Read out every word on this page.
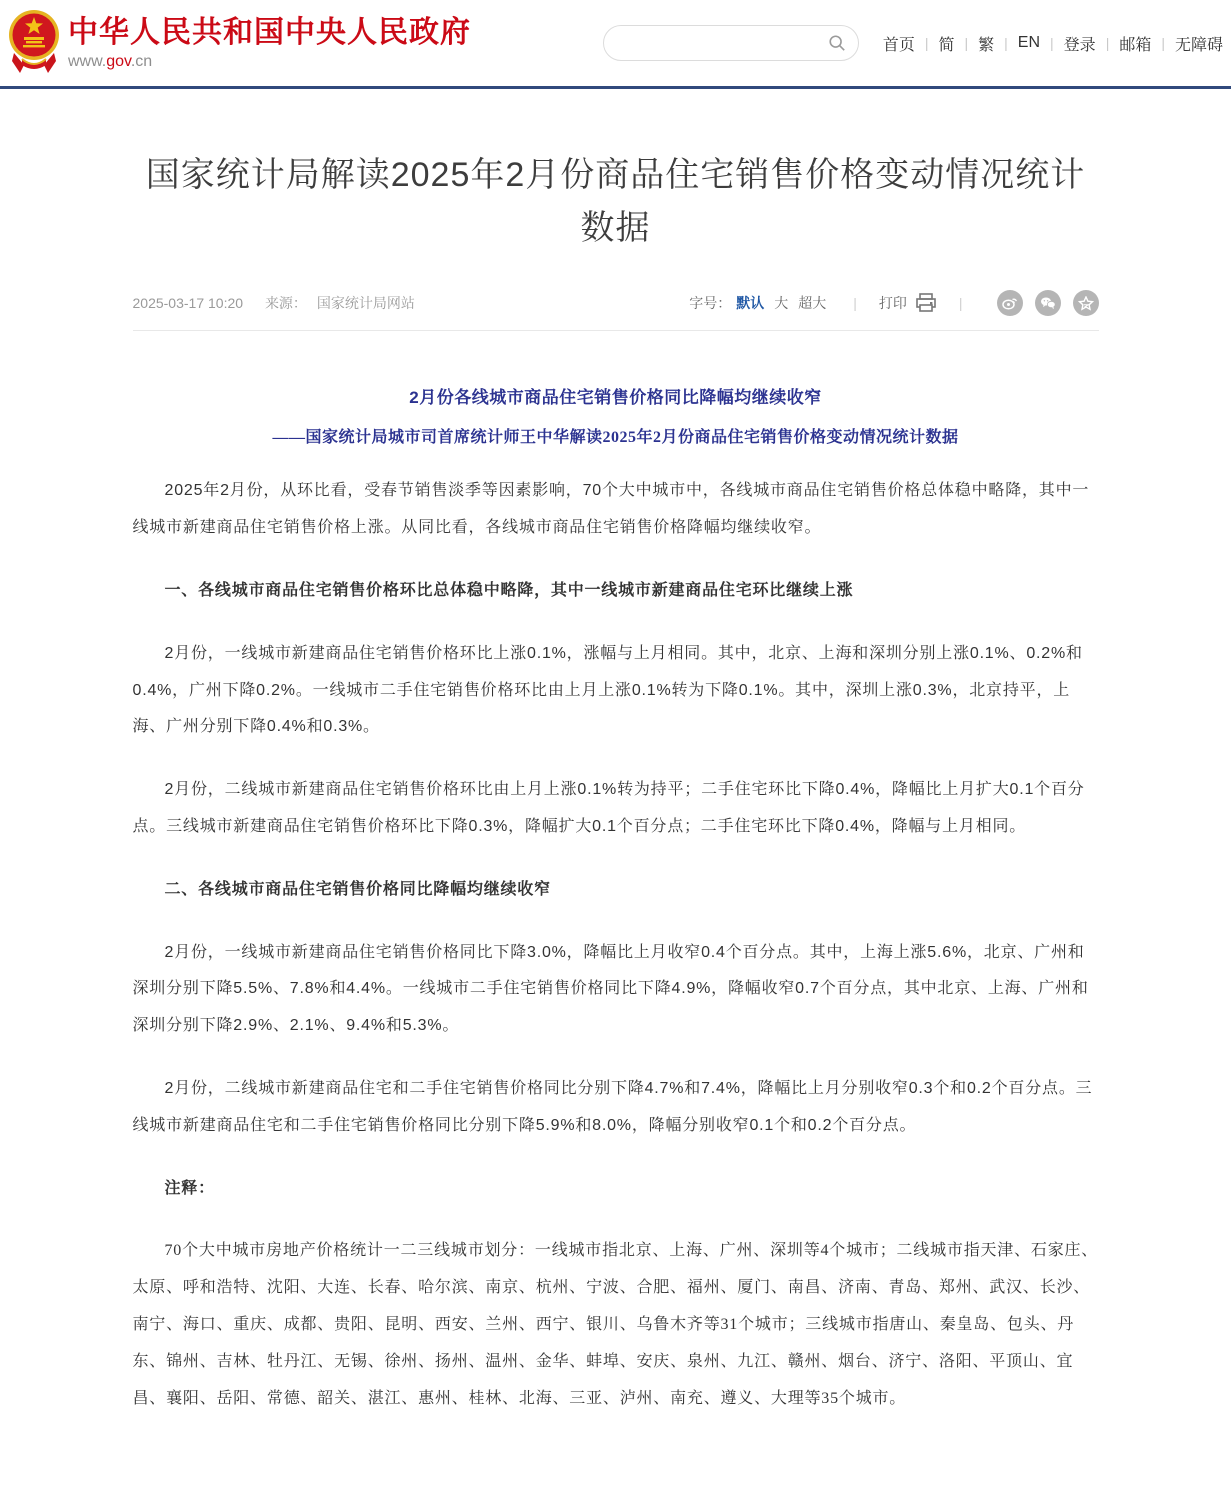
中华人民共和国中央人民政府
www.gov.cn
首页 | 简 | 繁 | EN | 登录 | 邮箱 | 无障碍
国家统计局解读2025年2月份商品住宅销售价格变动情况统计数据
2025-03-17 10:20 来源： 国家统计局网站	字号： 默认 大 超大 | 打印	|
2月份各线城市商品住宅销售价格同比降幅均继续收窄
——国家统计局城市司首席统计师王中华解读2025年2月份商品住宅销售价格变动情况统计数据

2025年2月份，从环比看，受春节销售淡季等因素影响，70个大中城市中，各线城市商品住宅销售价格总体稳中略降，其中一线城市新建商品住宅销售价格上涨。从同比看，各线城市商品住宅销售价格降幅均继续收窄。

一、各线城市商品住宅销售价格环比总体稳中略降，其中一线城市新建商品住宅环比继续上涨

2月份，一线城市新建商品住宅销售价格环比上涨0.1%，涨幅与上月相同。其中，北京、上海和深圳分别上涨0.1%、0.2%和0.4%，广州下降0.2%。一线城市二手住宅销售价格环比由上月上涨0.1%转为下降0.1%。其中，深圳上涨0.3%，北京持平，上海、广州分别下降0.4%和0.3%。

2月份，二线城市新建商品住宅销售价格环比由上月上涨0.1%转为持平；二手住宅环比下降0.4%，降幅比上月扩大0.1个百分点。三线城市新建商品住宅销售价格环比下降0.3%，降幅扩大0.1个百分点；二手住宅环比下降0.4%，降幅与上月相同。

二、各线城市商品住宅销售价格同比降幅均继续收窄

2月份，一线城市新建商品住宅销售价格同比下降3.0%，降幅比上月收窄0.4个百分点。其中，上海上涨5.6%，北京、广州和深圳分别下降5.5%、7.8%和4.4%。一线城市二手住宅销售价格同比下降4.9%，降幅收窄0.7个百分点，其中北京、上海、广州和深圳分别下降2.9%、2.1%、9.4%和5.3%。

2月份，二线城市新建商品住宅和二手住宅销售价格同比分别下降4.7%和7.4%，降幅比上月分别收窄0.3个和0.2个百分点。三线城市新建商品住宅和二手住宅销售价格同比分别下降5.9%和8.0%，降幅分别收窄0.1个和0.2个百分点。

注释：

70个大中城市房地产价格统计一二三线城市划分：一线城市指北京、上海、广州、深圳等4个城市；二线城市指天津、石家庄、太原、呼和浩特、沈阳、大连、长春、哈尔滨、南京、杭州、宁波、合肥、福州、厦门、南昌、济南、青岛、郑州、武汉、长沙、南宁、海口、重庆、成都、贵阳、昆明、西安、兰州、西宁、银川、乌鲁木齐等31个城市；三线城市指唐山、秦皇岛、包头、丹东、锦州、吉林、牡丹江、无锡、徐州、扬州、温州、金华、蚌埠、安庆、泉州、九江、赣州、烟台、济宁、洛阳、平顶山、宜昌、襄阳、岳阳、常德、韶关、湛江、惠州、桂林、北海、三亚、泸州、南充、遵义、大理等35个城市。
